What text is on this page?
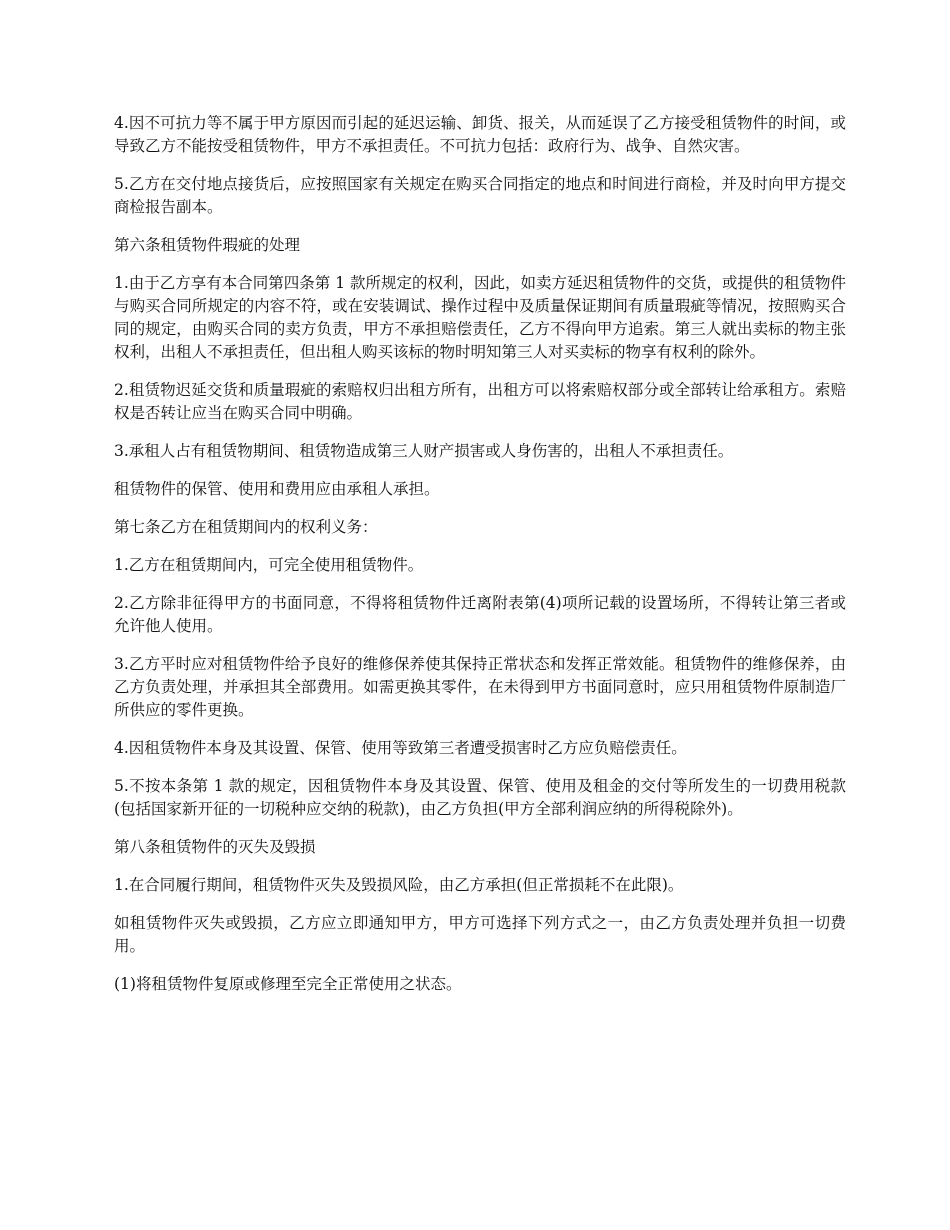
4.因不可抗力等不属于甲方原因而引起的延迟运输、卸货、报关，从而延误了乙方接受租赁物件的时间，或导致乙方不能按受租赁物件，甲方不承担责任。不可抗力包括：政府行为、战争、自然灾害。

5.乙方在交付地点接货后，应按照国家有关规定在购买合同指定的地点和时间进行商检，并及时向甲方提交商检报告副本。

第六条租赁物件瑕疵的处理

1.由于乙方享有本合同第四条第 1 款所规定的权利，因此，如卖方延迟租赁物件的交货，或提供的租赁物件与购买合同所规定的内容不符，或在安装调试、操作过程中及质量保证期间有质量瑕疵等情况，按照购买合同的规定，由购买合同的卖方负责，甲方不承担赔偿责任，乙方不得向甲方追索。第三人就出卖标的物主张权利，出租人不承担责任，但出租人购买该标的物时明知第三人对买卖标的物享有权利的除外。

2.租赁物迟延交货和质量瑕疵的索赔权归出租方所有，出租方可以将索赔权部分或全部转让给承租方。索赔权是否转让应当在购买合同中明确。

3.承租人占有租赁物期间、租赁物造成第三人财产损害或人身伤害的，出租人不承担责任。

租赁物件的保管、使用和费用应由承租人承担。

第七条乙方在租赁期间内的权利义务：

1.乙方在租赁期间内，可完全使用租赁物件。

2.乙方除非征得甲方的书面同意，不得将租赁物件迁离附表第(4)项所记载的设置场所，不得转让第三者或允许他人使用。

3.乙方平时应对租赁物件给予良好的维修保养使其保持正常状态和发挥正常效能。租赁物件的维修保养，由乙方负责处理，并承担其全部费用。如需更换其零件，在未得到甲方书面同意时，应只用租赁物件原制造厂所供应的零件更换。

4.因租赁物件本身及其设置、保管、使用等致第三者遭受损害时乙方应负赔偿责任。

5.不按本条第 1 款的规定，因租赁物件本身及其设置、保管、使用及租金的交付等所发生的一切费用税款(包括国家新开征的一切税种应交纳的税款)，由乙方负担(甲方全部利润应纳的所得税除外)。

第八条租赁物件的灭失及毁损

1.在合同履行期间，租赁物件灭失及毁损风险，由乙方承担(但正常损耗不在此限)。

如租赁物件灭失或毁损，乙方应立即通知甲方，甲方可选择下列方式之一，由乙方负责处理并负担一切费用。

(1)将租赁物件复原或修理至完全正常使用之状态。
